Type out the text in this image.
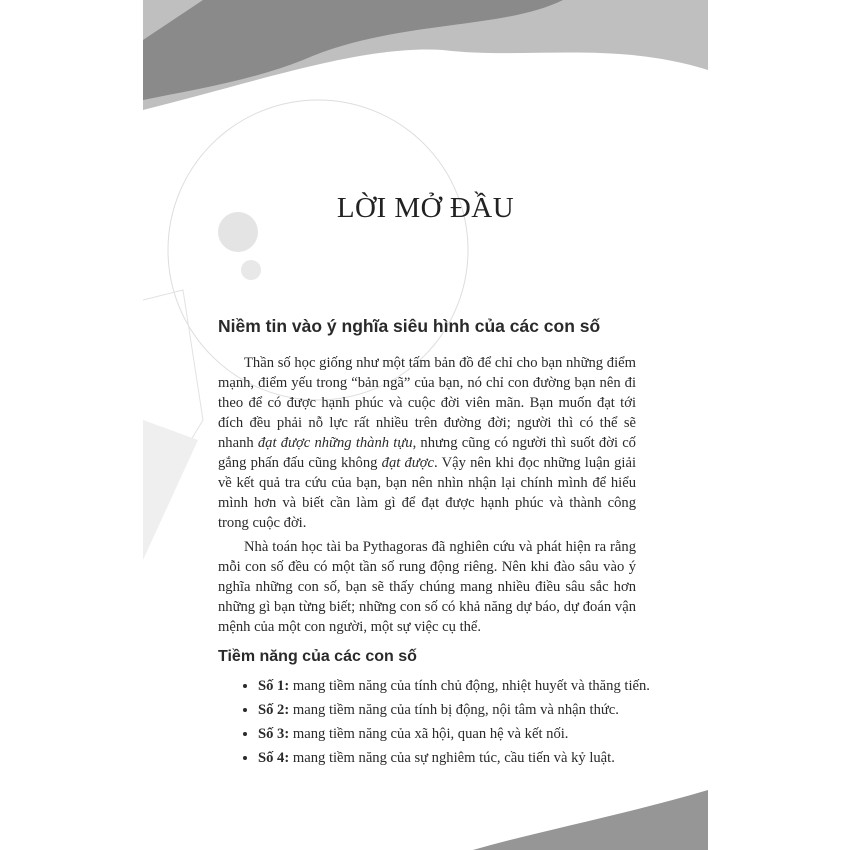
LỜI MỞ ĐẦU
Niềm tin vào ý nghĩa siêu hình của các con số

Thần số học giống như một tấm bản đồ để chỉ cho bạn những điểm mạnh, điểm yếu trong “bản ngã” của bạn, nó chỉ con đường bạn nên đi theo để có được hạnh phúc và cuộc đời viên mãn. Bạn muốn đạt tới đích đều phải nỗ lực rất nhiều trên đường đời; người thì có thể sẽ nhanh đạt được những thành tựu, nhưng cũng có người thì suốt đời cố gắng phấn đấu cũng không đạt được. Vậy nên khi đọc những luận giải về kết quả tra cứu của bạn, bạn nên nhìn nhận lại chính mình để hiểu mình hơn và biết cần làm gì để đạt được hạnh phúc và thành công trong cuộc đời.

Nhà toán học tài ba Pythagoras đã nghiên cứu và phát hiện ra rằng mỗi con số đều có một tần số rung động riêng. Nên khi đào sâu vào ý nghĩa những con số, bạn sẽ thấy chúng mang nhiều điều sâu sắc hơn những gì bạn từng biết; những con số có khả năng dự báo, dự đoán vận mệnh của một con người, một sự việc cụ thể.

Tiềm năng của các con số
• Số 1: mang tiềm năng của tính chủ động, nhiệt huyết và thăng tiến.
• Số 2: mang tiềm năng của tính bị động, nội tâm và nhận thức.
• Số 3: mang tiềm năng của xã hội, quan hệ và kết nối.
• Số 4: mang tiềm năng của sự nghiêm túc, cầu tiến và kỷ luật.
